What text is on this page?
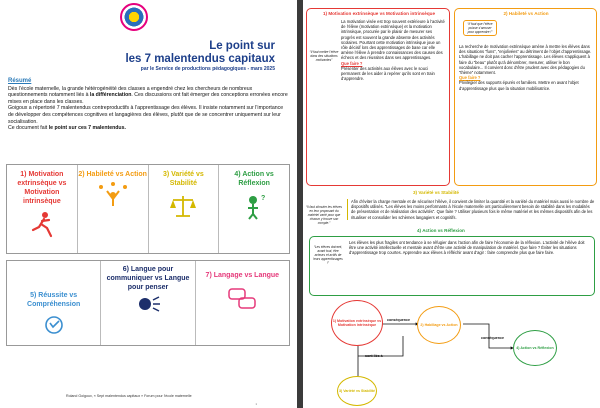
Le point sur
les 7 malentendus capitaux
par le Service de productions pédagogiques - mars 2025
Résumé

Dès l’école maternelle, la grande hétérogénéité des classes a engendré chez les chercheurs de nombreux questionnements notamment liés à la différenciation. Ces discussions ont fait émerger des conceptions erronées encore mises en place dans les classes.

Goigoux a répertorié 7 malentendus contreproductifs à l’apprentissage des élèves. Il insiste notamment sur l’importance de développer des compétences cognitives et langagières des élèves, plutôt que de se concentrer uniquement sur leur socialisation.

Ce document fait le point sur ces 7 malentendus.

1) Motivation extrinsèque vs Motivation intrinsèque
2) Habileté vs Action	3) Variété vs Stabilité
4) Action vs Réflexion
?
5) Réussite vs Compréhension
6) Langue pour communiquer vs Langue pour penser
7) Langage vs Langue
Roland Goigoux, « Sept malentendus capitaux » Forum pour l’école maternelle
1
1) Motivation extrinsèque vs Motivation intrinsèque
“Il faut mettre l’élève dans des situations motivantes”
La motivation visée est trop souvent extérieure à l’activité de l’élève (motivation extrinsèque) et la motivation intrinsèque, procurée par le plaisir de mesurer ses progrès est souvent la grande absente des activités scolaires. Pourtant cette motivation intrinsèque joue un rôle décisif lors des apprentissages de base car elle amène l’élève à prendre connaissances des causes des échecs et des réussites dans ses apprentissages.
Que faire ?
Présenter des activités aux élèves avec le souci permanent de les aider à repérer qu’ils sont en train d’apprendre.
2) Habileté vs Action
“Il faut que l’élève puisse s’amuser pour apprendre !”
La recherche de motivation extrinsèque amène à mettre les élèves dans des situations “funs”, “enjolivées” au détriment de l’objet d’apprentissage. L’habillage ne doit pas cacher l’apprentissage. Les élèves s’appliquent à faire du “beau” plutôt qu’à dénombrer, mesurer, utiliser le bon vocabulaire... Il convient donc d’être prudent avec des pédagogies du “thème” notamment.
Que faire ?
Privilégier des supports épurés et familiers. Mettre en avant l’objet d’apprentissage plus que la situation mobilisatrice.
3) Variété vs Stabilité
“Il faut stimuler les élèves en leur proposant du matériel varié pour que chacun y trouve son compte.”
Afin d’éviter la charge mentale et de sécuriser l’élève, il convient de limiter la quantité et la variété du matériel mais aussi le nombre de dispositifs utilisés. “Les élèves les moins performants à l’école maternelle ont particulièrement besoin de stabilité dans les modalités de présentation et de réalisation des activités”. Que faire ? Utiliser plusieurs fois le même matériel et les mêmes dispositifs afin de les ritualiser et consolider les schèmes langagiers et cognitifs.
4) Action vs Réflexion
“Les élèves doivent, avant tout, être acteurs et actifs de leurs apprentissages !”
Les élèves les plus fragiles ont tendance à se réfugier dans l’action afin de faire l’économie de la réflexion. L’activité de l’élève doit être une activité intellectuelle et mentale avant d’être une activité de manipulation de matériel. Que faire ? Éviter les situations d’apprentissage trop courtes. Apprendre aux élèves à réfléchir avant d’agir : faire comprendre plus que faire faire.
1) Motivation extrinsèque vs Motivation intrinsèque	2) Habillage vs Action
4) Action vs Réflexion
3) Variété vs Stabilité
conséquence
conséquence
sont liés à
